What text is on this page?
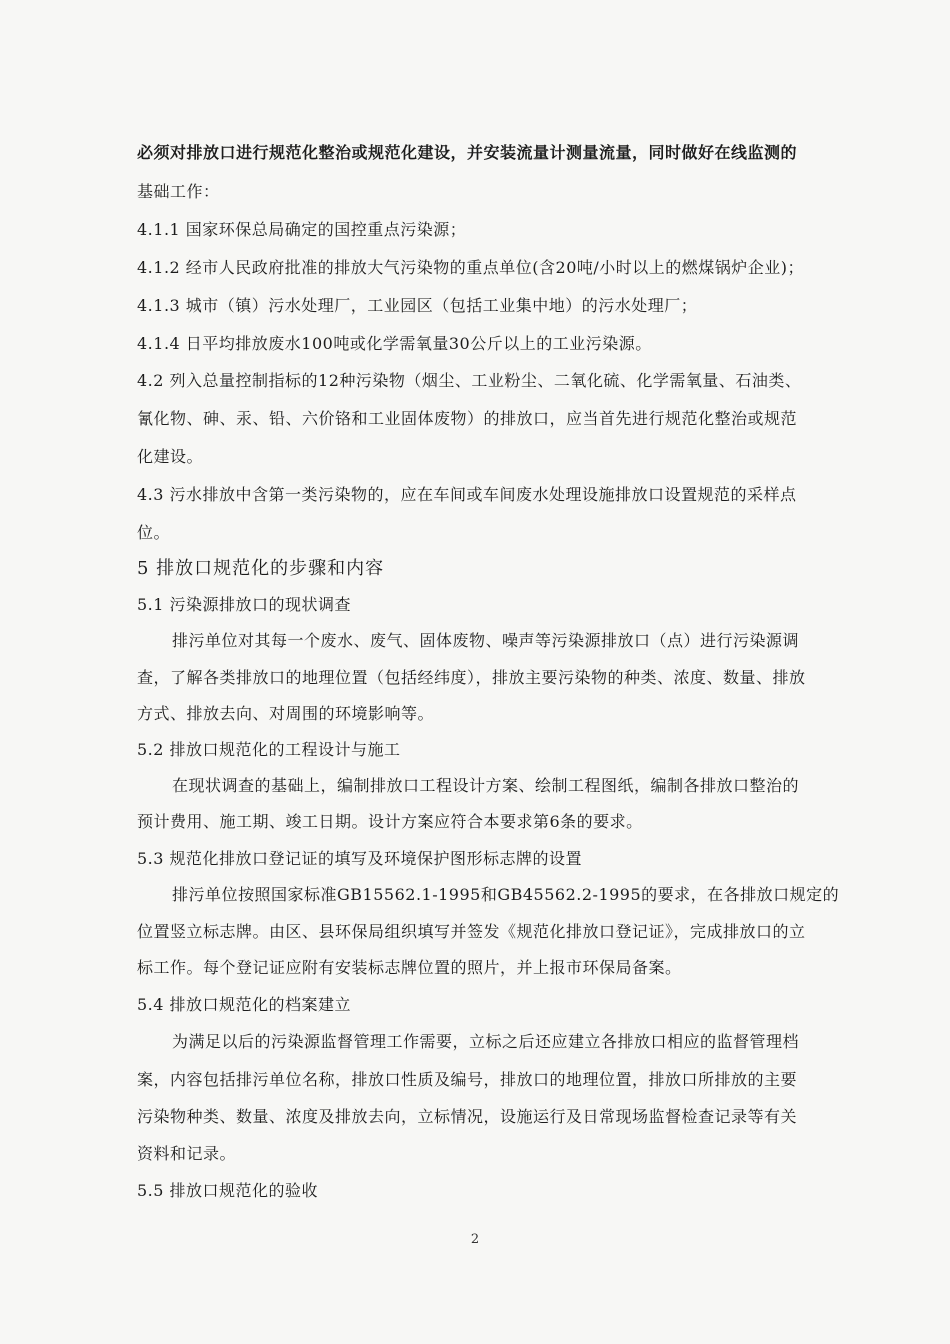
必须对排放口进行规范化整治或规范化建设，并安装流量计测量流量，同时做好在线监测的
基础工作：
4.1.1 国家环保总局确定的国控重点污染源；
4.1.2 经市人民政府批准的排放大气污染物的重点单位(含20吨/小时以上的燃煤锅炉企业)；
4.1.3 城市（镇）污水处理厂，工业园区（包括工业集中地）的污水处理厂；
4.1.4 日平均排放废水100吨或化学需氧量30公斤以上的工业污染源。
4.2 列入总量控制指标的12种污染物（烟尘、工业粉尘、二氧化硫、化学需氧量、石油类、
氰化物、砷、汞、铅、六价铬和工业固体废物）的排放口，应当首先进行规范化整治或规范
化建设。
4.3 污水排放中含第一类污染物的，应在车间或车间废水处理设施排放口设置规范的采样点
位。
5 排放口规范化的步骤和内容
5.1 污染源排放口的现状调查
排污单位对其每一个废水、废气、固体废物、噪声等污染源排放口（点）进行污染源调
查，了解各类排放口的地理位置（包括经纬度），排放主要污染物的种类、浓度、数量、排放
方式、排放去向、对周围的环境影响等。
5.2 排放口规范化的工程设计与施工
在现状调查的基础上，编制排放口工程设计方案、绘制工程图纸，编制各排放口整治的
预计费用、施工期、竣工日期。设计方案应符合本要求第6条的要求。
5.3 规范化排放口登记证的填写及环境保护图形标志牌的设置
排污单位按照国家标准GB15562.1-1995和GB45562.2-1995的要求，在各排放口规定的
位置竖立标志牌。由区、县环保局组织填写并签发《规范化排放口登记证》，完成排放口的立
标工作。每个登记证应附有安装标志牌位置的照片，并上报市环保局备案。
5.4 排放口规范化的档案建立
为满足以后的污染源监督管理工作需要，立标之后还应建立各排放口相应的监督管理档
案，内容包括排污单位名称，排放口性质及编号，排放口的地理位置，排放口所排放的主要
污染物种类、数量、浓度及排放去向，立标情况，设施运行及日常现场监督检查记录等有关
资料和记录。
5.5 排放口规范化的验收
2
